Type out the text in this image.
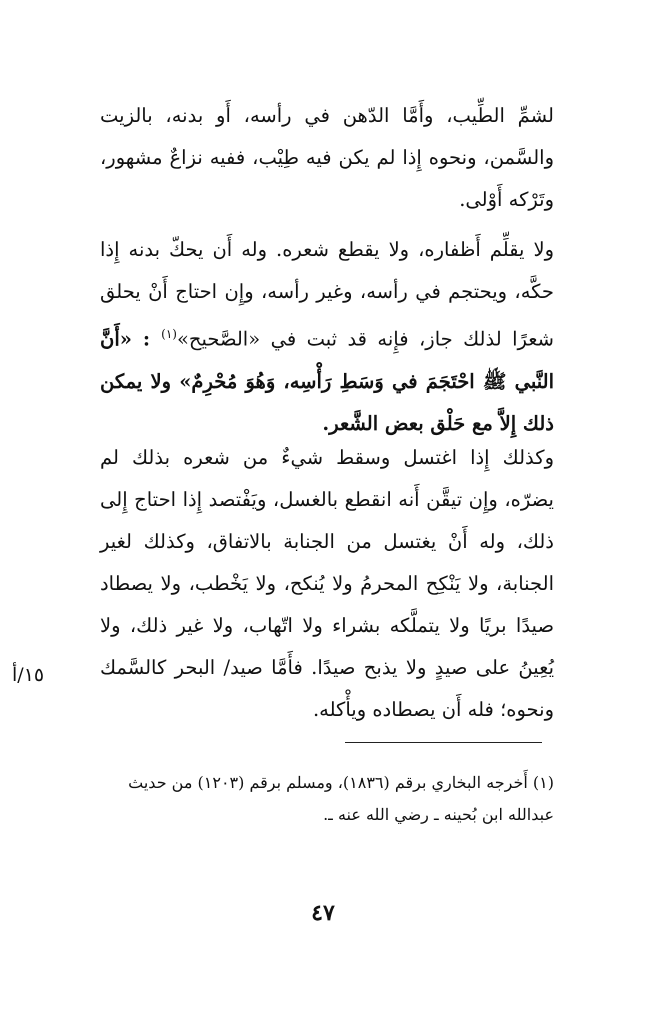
لشمِّ الطِّيب، وأَمَّا الدّهن في رأسه، أَو بدنه، بالزيت والسَّمن، ونحوه إِذا لم يكن فيه طِيْب، ففيه نزاعٌ مشهور، وتَرْكه أَوْلى.

ولا يقلِّم أَظفاره، ولا يقطع شعره. وله أَن يحكّ بدنه إِذا حكَّه، ويحتجم في رأسه، وغير رأسه، وإِن احتاج أَنْ يحلق شعرًا لذلك جاز، فإِنه قد ثبت في «الصَّحيح»$^{(١)}$ : «أَنَّ النَّبي ﷺ احْتَجَمَ في وَسَطِ رَأْسِه، وَهُوَ مُحْرِمٌ» ولا يمكن ذلك إِلاَّ مع حَلْق بعض الشَّعر.

وكذلك إِذا اغتسل وسقط شيءٌ من شعره بذلك لم يضرّه، وإِن تيقَّن أَنه انقطع بالغسل، ويَفْتصد إِذا احتاج إِلى ذلك، وله أَنْ يغتسل من الجنابة بالاتفاق، وكذلك لغير الجنابة، ولا يَنْكِح المحرمُ ولا يُنكح، ولا يَخْطب، ولا يصطاد صيدًا بريًا ولا يتملَّكه بشراء ولا اتّهاب، ولا غير ذلك، ولا يُعِينُ على صيدٍ ولا يذبح صيدًا. فأَمَّا صيد/ البحر كالسَّمك ونحوه؛ فله أَن يصطاده ويأْكله.

١٥/أ

(١) أَخرجه البخاري برقم (١٨٣٦)، ومسلم برقم (١٢٠٣) من حديث عبدالله ابن بُحينه ـ رضي الله عنه ـ.

٤٧
